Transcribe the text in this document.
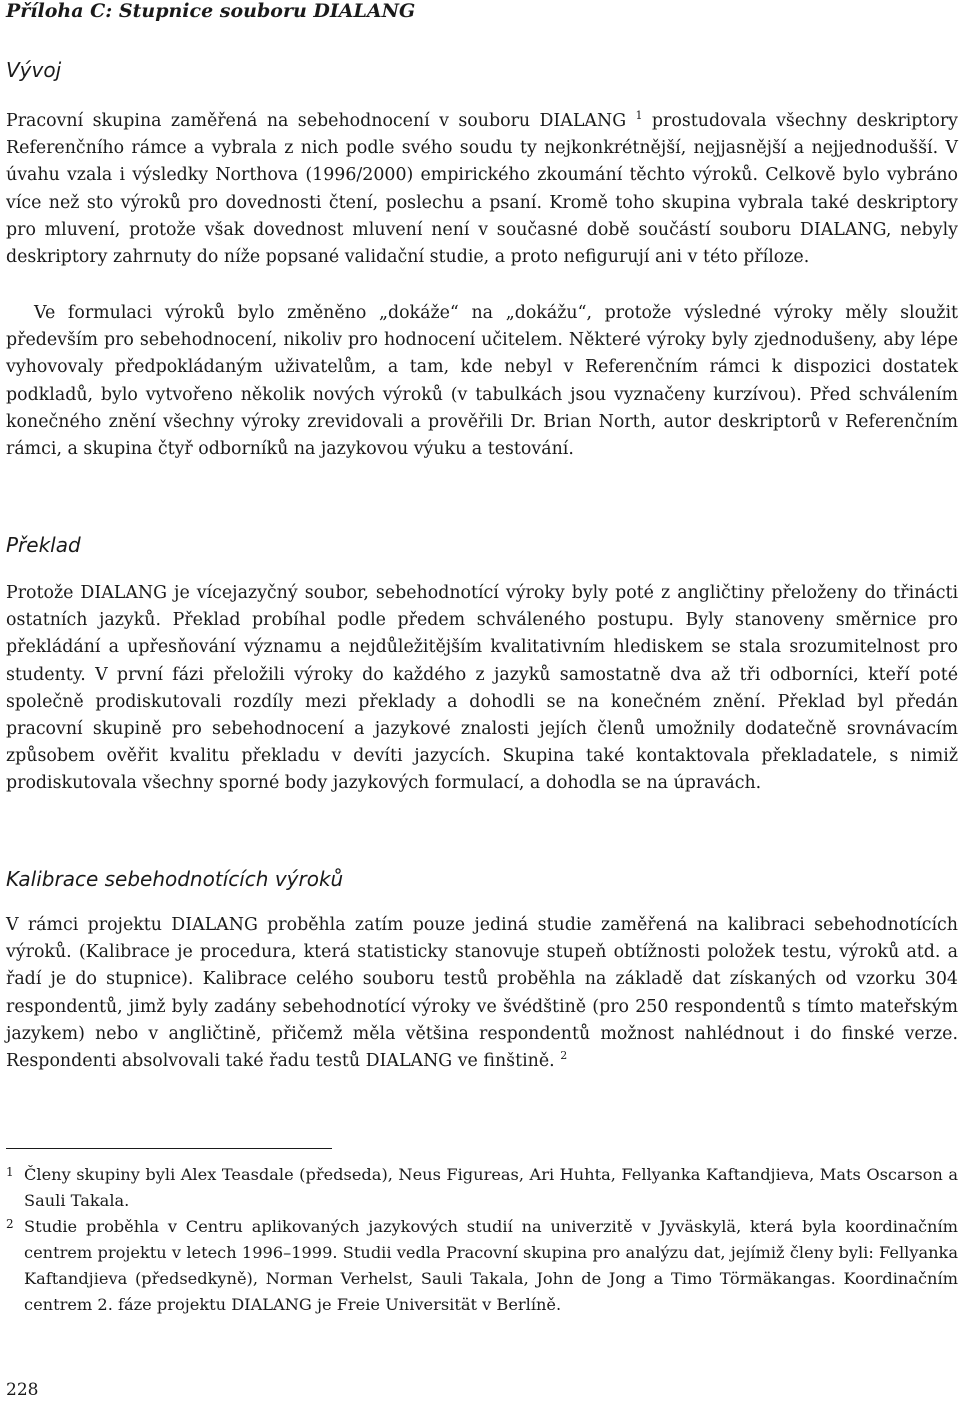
Příloha C: Stupnice souboru DIALANG
Vývoj

Pracovní skupina zaměřená na sebehodnocení v souboru DIALANG $^1$ prostudovala všechny deskriptory Referenčního rámce a vybrala z nich podle svého soudu ty nejkonkrétnější, nejjasnější a nejjednodušší. V úvahu vzala i výsledky Northova (1996/2000) empirického zkoumání těchto výroků. Celkově bylo vybráno více než sto výroků pro dovednosti čtení, poslechu a psaní. Kromě toho skupina vybrala také deskriptory pro mluvení, protože však dovednost mluvení není v současné době součástí souboru DIALANG, nebyly deskriptory zahrnuty do níže popsané validační studie, a proto nefigurují ani v této příloze.

Ve formulaci výroků bylo změněno „dokáže“ na „dokážu“, protože výsledné výroky měly sloužit především pro sebehodnocení, nikoliv pro hodnocení učitelem. Některé výroky byly zjednodušeny, aby lépe vyhovovaly předpokládaným uživatelům, a tam, kde nebyl v Referenčním rámci k dispozici dostatek podkladů, bylo vytvořeno několik nových výroků (v tabulkách jsou vyznačeny kurzívou). Před schválením konečného znění všechny výroky zrevidovali a prověřili Dr. Brian North, autor deskriptorů v Referenčním rámci, a skupina čtyř odborníků na jazykovou výuku a testování.

Překlad

Protože DIALANG je vícejazyčný soubor, sebehodnotící výroky byly poté z angličtiny přeloženy do třinácti ostatních jazyků. Překlad probíhal podle předem schváleného postupu. Byly stanoveny směrnice pro překládání a upřesňování významu a nejdůležitějším kvalitativním hlediskem se stala srozumitelnost pro studenty. V první fázi přeložili výroky do každého z jazyků samostatně dva až tři odborníci, kteří poté společně prodiskutovali rozdíly mezi překlady a dohodli se na konečném znění. Překlad byl předán pracovní skupině pro sebehodnocení a jazykové znalosti jejích členů umožnily dodatečně srovnávacím způsobem ověřit kvalitu překladu v devíti jazycích. Skupina také kontaktovala překladatele, s nimiž prodiskutovala všechny sporné body jazykových formulací, a dohodla se na úpravách.

Kalibrace sebehodnotících výroků

V rámci projektu DIALANG proběhla zatím pouze jediná studie zaměřená na kalibraci sebehodnotících výroků. (Kalibrace je procedura, která statisticky stanovuje stupeň obtížnosti položek testu, výroků atd. a řadí je do stupnice). Kalibrace celého souboru testů proběhla na základě dat získaných od vzorku 304 respondentů, jimž byly zadány sebehodnotící výroky ve švédštině (pro 250 respondentů s tímto mateřským jazykem) nebo v angličtině, přičemž měla většina respondentů možnost nahlédnout i do finské verze. Respondenti absolvovali také řadu testů DIALANG ve finštině. $^2$

1 Členy skupiny byli Alex Teasdale (předseda), Neus Figureas, Ari Huhta, Fellyanka Kaftandjieva, Mats Oscarson a Sauli Takala.
2 Studie proběhla v Centru aplikovaných jazykových studií na univerzitě v Jyväskylä, která byla koordinačním centrem projektu v letech 1996–1999. Studii vedla Pracovní skupina pro analýzu dat, jejímiž členy byli: Fellyanka Kaftandjieva (předsedkyně), Norman Verhelst, Sauli Takala, John de Jong a Timo Törmäkangas. Koordinačním centrem 2. fáze projektu DIALANG je Freie Universität v Berlíně.
228
